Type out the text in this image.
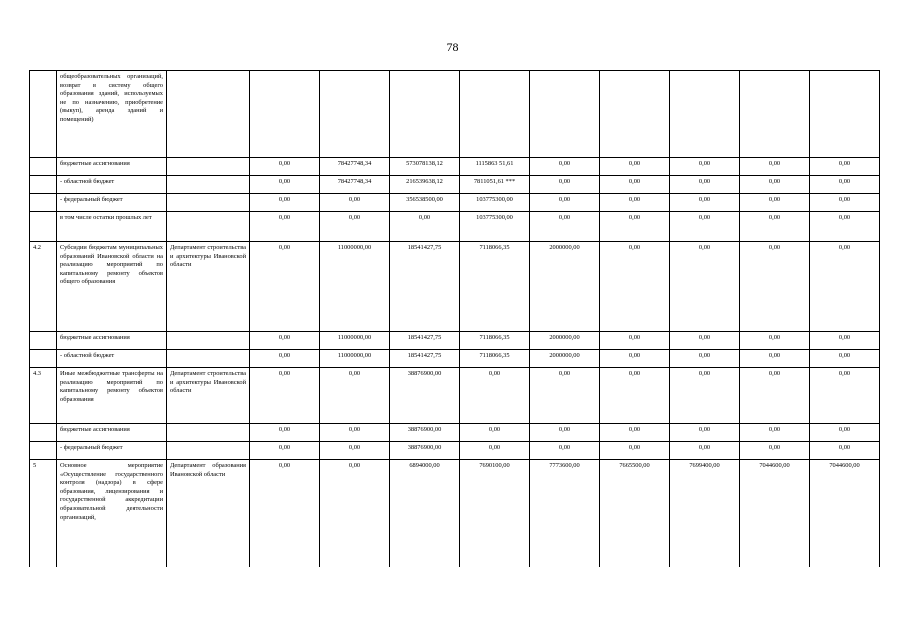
78
	общеобразовательных организаций, возврат в систему общего образования зданий, используемых не по назначению, приобретение (выкуп), аренда зданий и помещений)										
	бюджетные ассигнования		0,00	78427748,34	573078138,12	1115863 51,61	0,00	0,00	0,00	0,00	0,00
	- областной бюджет		0,00	78427748,34	216539638,12	7811051,61 ***	0,00	0,00	0,00	0,00	0,00
	- федеральный бюджет		0,00	0,00	356538500,00	103775300,00	0,00	0,00	0,00	0,00	0,00
	в том числе остатки прошлых лет		0,00	0,00	0,00	103775300,00	0,00	0,00	0,00	0,00	0,00
4.2	Субсидии бюджетам муниципальных образований Ивановской области на реализацию мероприятий по капитальному ремонту объектов общего образования	Департамент строительства и архитектуры Ивановской области	0,00	11000000,00	18541427,75	7118066,35	2000000,00	0,00	0,00	0,00	0,00
	бюджетные ассигнования		0,00	11000000,00	18541427,75	7118066,35	2000000,00	0,00	0,00	0,00	0,00
	- областной бюджет		0,00	11000000,00	18541427,75	7118066,35	2000000,00	0,00	0,00	0,00	0,00
4.3	Иные межбюджетные трансферты на реализацию мероприятий по капитальному ремонту объектов образования	Департамент строительства и архитектуры Ивановской области	0,00	0,00	38876900,00	0,00	0,00	0,00	0,00	0,00	0,00
	бюджетные ассигнования		0,00	0,00	38876900,00	0,00	0,00	0,00	0,00	0,00	0,00
	- федеральный бюджет		0,00	0,00	38876900,00	0,00	0,00	0,00	0,00	0,00	0,00
5	Основное мероприятие «Осуществление государственного контроля (надзора) в сфере образования, лицензирования и государственной аккредитации образовательной деятельности организаций,	Департамент образования Ивановской области	0,00	0,00	6894000,00	7690100,00	7773600,00	7665500,00	7699400,00	7044600,00	7044600,00
